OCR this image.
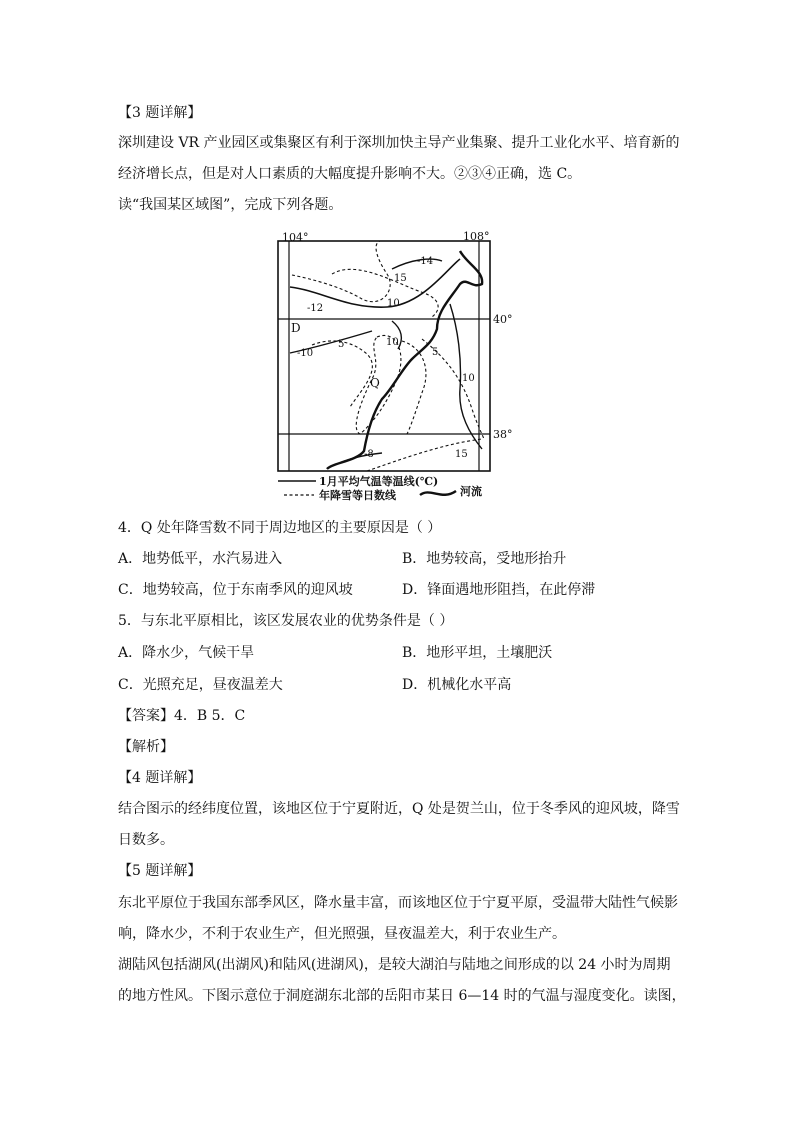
【3 题详解】
深圳建设 VR 产业园区或集聚区有利于深圳加快主导产业集聚、提升工业化水平、培育新的
经济增长点，但是对人口素质的大幅度提升影响不大。②③④正确，选 C。
读“我国某区域图”，完成下列各题。
104°	108°
40°
38°
D
Q
-14
-12
-10
-8
15
10
5	10
5
10
15
1月平均气温等温线(℃)
年降雪等日数线	河流
4．Q 处年降雪数不同于周边地区的主要原因是（ ）
A．地势低平，水汽易进入	B．地势较高，受地形抬升
C．地势较高，位于东南季风的迎风坡	D．锋面遇地形阻挡，在此停滞
5．与东北平原相比，该区发展农业的优势条件是（ ）
A．降水少，气候干旱	B．地形平坦，土壤肥沃
C．光照充足，昼夜温差大	D．机械化水平高
【答案】4．B 5．C
【解析】
【4 题详解】
结合图示的经纬度位置，该地区位于宁夏附近，Q 处是贺兰山，位于冬季风的迎风坡，降雪
日数多。
【5 题详解】
东北平原位于我国东部季风区，降水量丰富，而该地区位于宁夏平原，受温带大陆性气候影
响，降水少，不利于农业生产，但光照强，昼夜温差大，利于农业生产。
湖陆风包括湖风(出湖风)和陆风(进湖风)，是较大湖泊与陆地之间形成的以 24 小时为周期
的地方性风。下图示意位于洞庭湖东北部的岳阳市某日 6—14 时的气温与湿度变化。读图，
